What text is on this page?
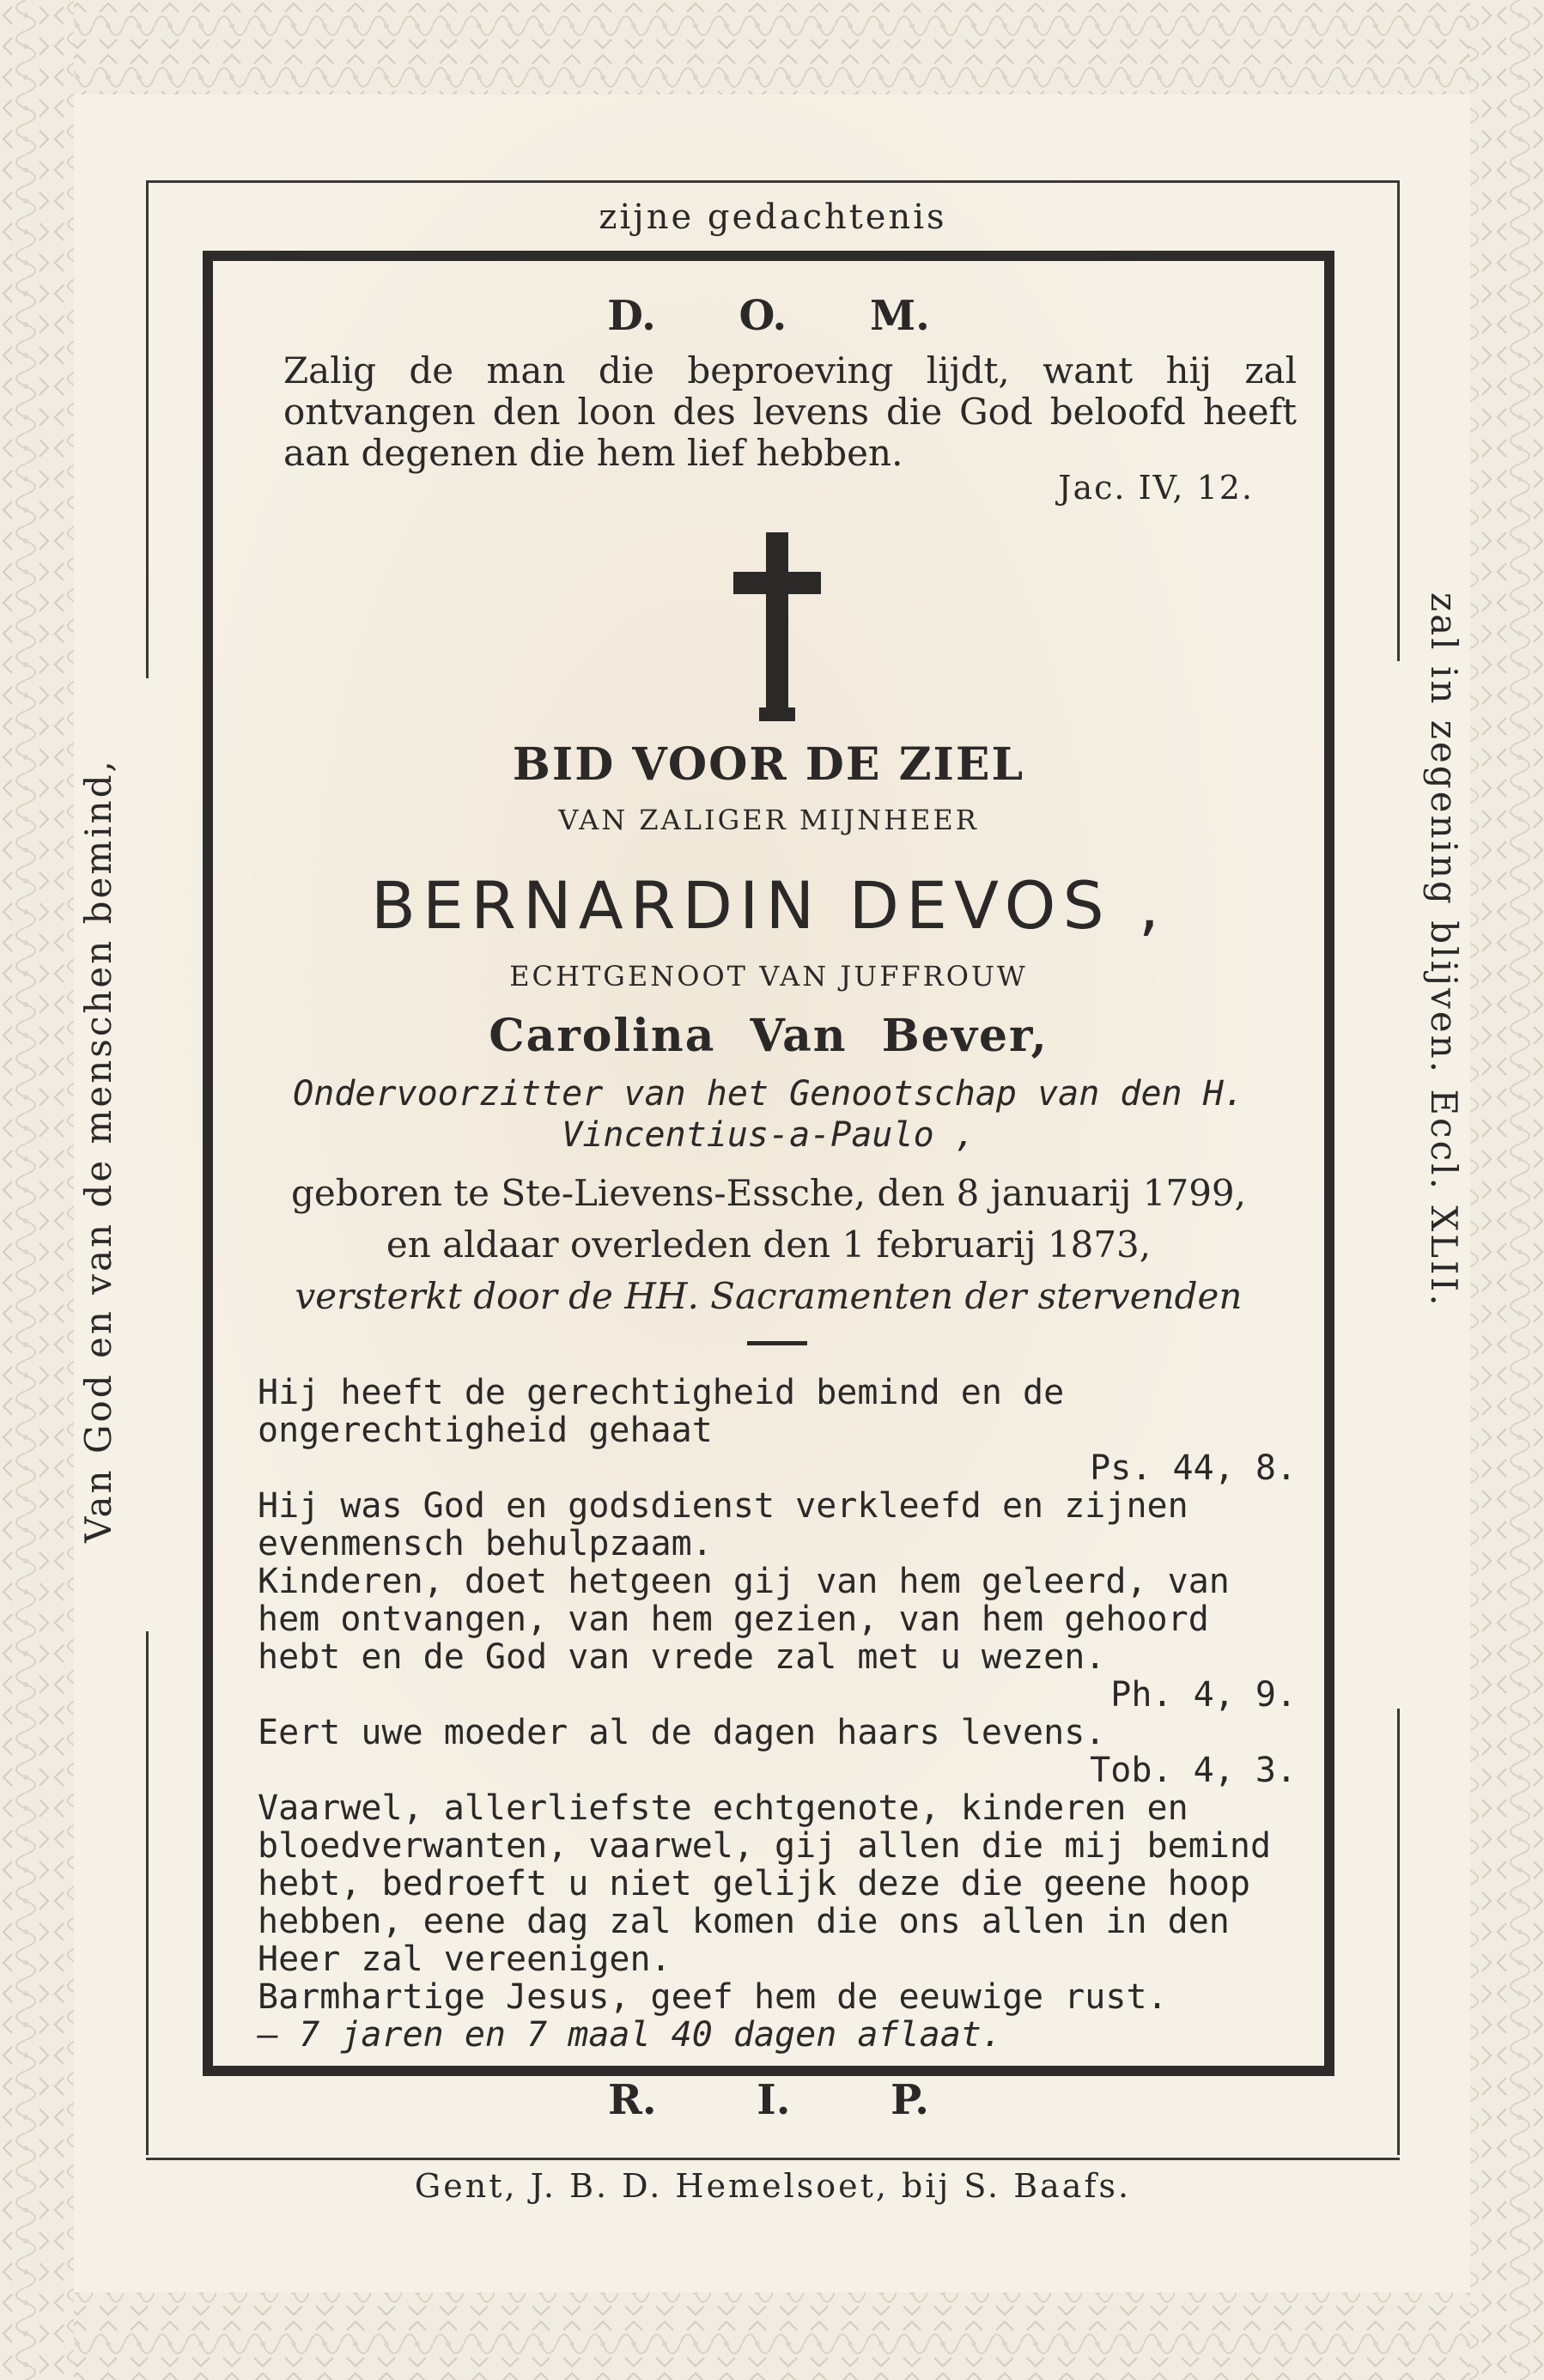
zijne gedachtenis
Van God en van de menschen bemind,	zal in zegening blijven. Eccl. XLII.
D. O. M.
Zalig de man die beproeving lijdt, want hij zal ontvangen den loon des levens die God beloofd heeft aan degenen die hem lief hebben.
Jac. IV, 12.
BID VOOR DE ZIEL
VAN ZALIGER MIJNHEER
BERNARDIN DEVOS ,
ECHTGENOOT VAN JUFFROUW
Carolina Van Bever,
Ondervoorzitter van het Genootschap van den H. Vincentius-a-Paulo ,
geboren te Ste-Lievens-Essche, den 8 januarij 1799,
en aldaar overleden den 1 februarij 1873,
versterkt door de HH. Sacramenten der stervenden

Hij heeft de gerechtigheid bemind en de ongerechtigheid gehaat

Ps. 44, 8.

Hij was God en godsdienst verkleefd en zijnen evenmensch behulpzaam.

Kinderen, doet hetgeen gij van hem geleerd, van hem ontvangen, van hem gezien, van hem gehoord hebt en de God van vrede zal met u wezen.

Ph. 4, 9.

Eert uwe moeder al de dagen haars levens.

Tob. 4, 3.

Vaarwel, allerliefste echtgenote, kinderen en bloedverwanten, vaarwel, gij allen die mij bemind hebt, bedroeft u niet gelijk deze die geene hoop hebben, eene dag zal komen die ons allen in den Heer zal vereenigen.

Barmhartige Jesus, geef hem de eeuwige rust.

— 7 jaren en 7 maal 40 dagen aflaat.

R. I. P.
Gent, J. B. D. Hemelsoet, bij S. Baafs.
